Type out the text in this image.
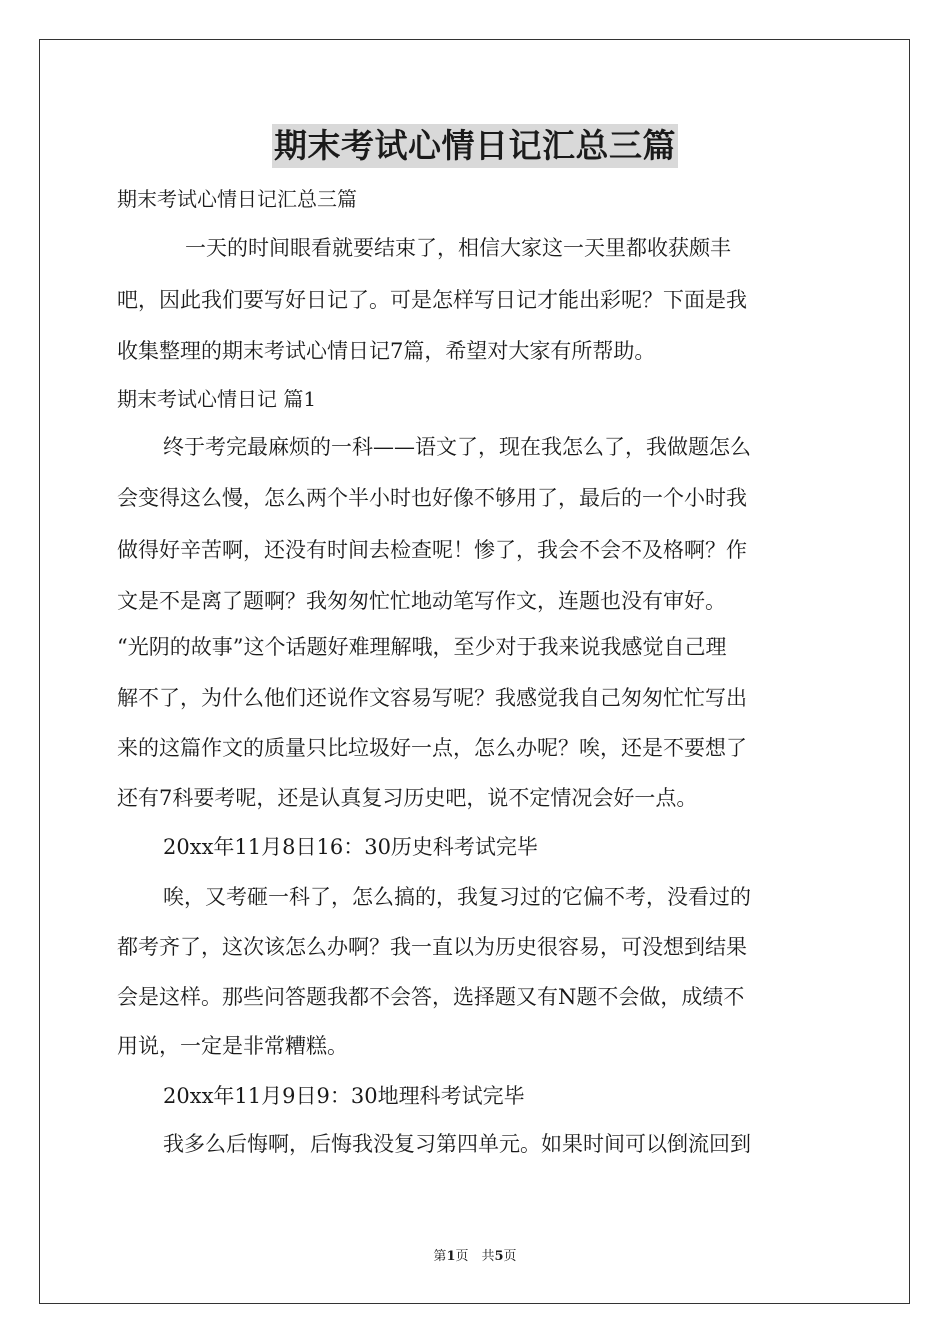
期末考试心情日记汇总三篇
期末考试心情日记汇总三篇
一天的时间眼看就要结束了，相信大家这一天里都收获颇丰
吧，因此我们要写好日记了。可是怎样写日记才能出彩呢？下面是我
收集整理的期末考试心情日记7篇，希望对大家有所帮助。
期末考试心情日记 篇1
终于考完最麻烦的一科——语文了，现在我怎么了，我做题怎么
会变得这么慢，怎么两个半小时也好像不够用了，最后的一个小时我
做得好辛苦啊，还没有时间去检查呢！惨了，我会不会不及格啊？作
文是不是离了题啊？我匆匆忙忙地动笔写作文，连题也没有审好。
“光阴的故事”这个话题好难理解哦，至少对于我来说我感觉自己理
解不了，为什么他们还说作文容易写呢？我感觉我自己匆匆忙忙写出
来的这篇作文的质量只比垃圾好一点，怎么办呢？唉，还是不要想了
还有7科要考呢，还是认真复习历史吧，说不定情况会好一点。
20xx年11月8日16：30历史科考试完毕
唉，又考砸一科了，怎么搞的，我复习过的它偏不考，没看过的
都考齐了，这次该怎么办啊？我一直以为历史很容易，可没想到结果
会是这样。那些问答题我都不会答，选择题又有N题不会做，成绩不
用说，一定是非常糟糕。
20xx年11月9日9：30地理科考试完毕
我多么后悔啊，后悔我没复习第四单元。如果时间可以倒流回到
第1页　共5页
